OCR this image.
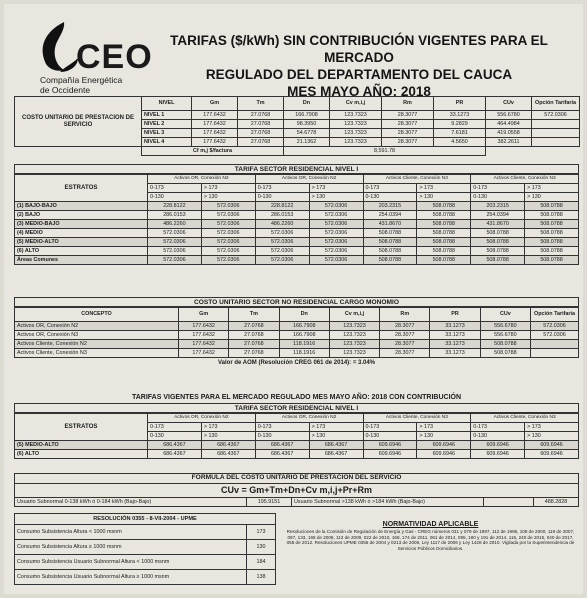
CEO
Compañía Energética
de Occidente
TARIFAS ($/kWh) SIN CONTRIBUCIÓN VIGENTES PARA EL MERCADO
REGULADO DEL DEPARTAMENTO DEL CAUCA
MES MAYO AÑO: 2018
COSTO UNITARIO DE PRESTACION DE SERVICIO	NIVEL	Gm	Tm	Dn	Cv m,i,j	Rm	PR	CUv	Opción Tarifaria
	NIVEL 1	177.6432	27.0768	166.7908	123.7323	28.3077	33.1273	556.6780	572.0306
	NIVEL 2	177.6432	27.0768	98.3950	123.7323	28.3077	9.2829	464.4984	
	NIVEL 3	177.6432	27.0768	54.6778	123.7323	28.3077	7.6181	419.0558	
	NIVEL 4	177.6432	27.0768	21.1362	123.7323	28.3077	4.5650	382.2611	
	Cf m,j $/factura			8,591.78					
TARIFA SECTOR RESIDENCIAL NIVEL I
ESTRATOS	Activos OR, Conexión N2		Activos OR, Conexión N2		Activos Cliente, Conexión N3		Activos Cliente, Conexión N3	
	0-173	> 173	0-173	> 173	0-173	> 173	0-173	> 173
	0-130	> 130	0-130	> 130	0-130	> 130	0-130	> 130
(1) BAJO-BAJO	228.8122	572.0306	228.8122	572.0306	203.2315	508.0788	203.2315	508.0788
(2) BAJO	286.0153	572.0306	286.0153	572.0306	254.0394	508.0788	254.0394	508.0788
(3) MEDIO-BAJO	486.2260	572.0306	486.2260	572.0306	431.8670	508.0788	431.8670	508.0788
(4) MEDIO	572.0306	572.0306	572.0306	572.0306	508.0788	508.0788	508.0788	508.0788
(5) MEDIO-ALTO	572.0306	572.0306	572.0306	572.0306	508.0788	508.0788	508.0788	508.0788
(6) ALTO	572.0306	572.0306	572.0306	572.0306	508.0788	508.0788	508.0788	508.0788
Áreas Comunes	572.0306	572.0306	572.0306	572.0306	508.0788	508.0788	508.0788	508.0788
COSTO UNITARIO SECTOR NO RESIDENCIAL CARGO MONOMIO
CONCEPTO	Gm	Tm	Dn	Cv m,i,j	Rm	PR	CUv	Opción Tarifaria
Activos OR, Conexión N2	177.6432	27.0768	166.7908	123.7323	28.3077	33.1273	556.6780	572.0306
Activos OR, Conexión N3	177.6432	27.0768	166.7908	123.7323	28.3077	33.1273	556.6780	572.0306
Activos Cliente, Conexión N2	177.6432	27.0768	118.1916	123.7323	28.3077	33.1273	508.0788	
Activos Cliente, Conexión N3	177.6432	27.0768	118.1916	123.7323	28.3077	33.1273	508.0788	
Valor de AOM (Resolución CREG 061 de 2014): = 3.04%
TARIFAS VIGENTES PARA EL MERCADO REGULADO MES MAYO AÑO: 2018 CON CONTRIBUCIÓN
TARIFA SECTOR RESIDENCIAL NIVEL I
ESTRATOS	Activos OR, Conexión N2		Activos OR, Conexión N2		Activos Cliente, Conexión N3		Activos Cliente, Conexión N3	
	0-173	> 173	0-173	> 173	0-173	> 173	0-173	> 173
	0-130	> 130	0-130	> 130	0-130	> 130	0-130	> 130
(5) MEDIO-ALTO	686.4367	686.4367	686.4367	686.4367	609.6946	609.6946	609.6946	609.6946
(6) ALTO	686.4367	686.4367	686.4367	686.4367	609.6946	609.6946	609.6946	609.6946
FORMULA DEL COSTO UNITARIO DE PRESTACION DEL SERVICIO
CUv = Gm+Tm+Dn+Cv m,i,j+Pr+Rm
Usuario Subnormal 0-138 kWh ó 0-184 kWh (Bajo-Bajo)	195.9151	Usuario Subnormal >138 kWh ó >184 kWh (Bajo-Bajo)		488.2828
RESOLUCIÓN 0355 - 8-VII-2004 - UPME	
Consumo Subsistencia Altura < 1000 msnm	173
Consumo Subsistencia Altura ≥ 1000 msnm	130
Consumo Subsistencia Usuario Subnormal Altura < 1000 msnm	184
Consumo Subsistencia Usuario Subnormal Altura ≥ 1000 msnm	138
NORMATIVIDAD APLICABLE
Resoluciones de la Comisión de Regulación de Energía y Gas - CREG números 031 y 079 de 1997, 112 de 1996, 108 de 2000, 119 de 2007, 097, 133, 168 de 2008, 113 de 2009, 022 de 2010, 168, 174 de 2011, 061 de 2014, 095, 180 y 191 de 2014, 116, 240 de 2015, 040 de 2017, 058 de 2012. Resoluciones UPME 0355 de 2004 y 0213 de 2006, Ley 1117 de 2006 y Ley 1428 de 2010. Vigilada por la Superintendencia de Servicios Públicos Domiciliarios.
